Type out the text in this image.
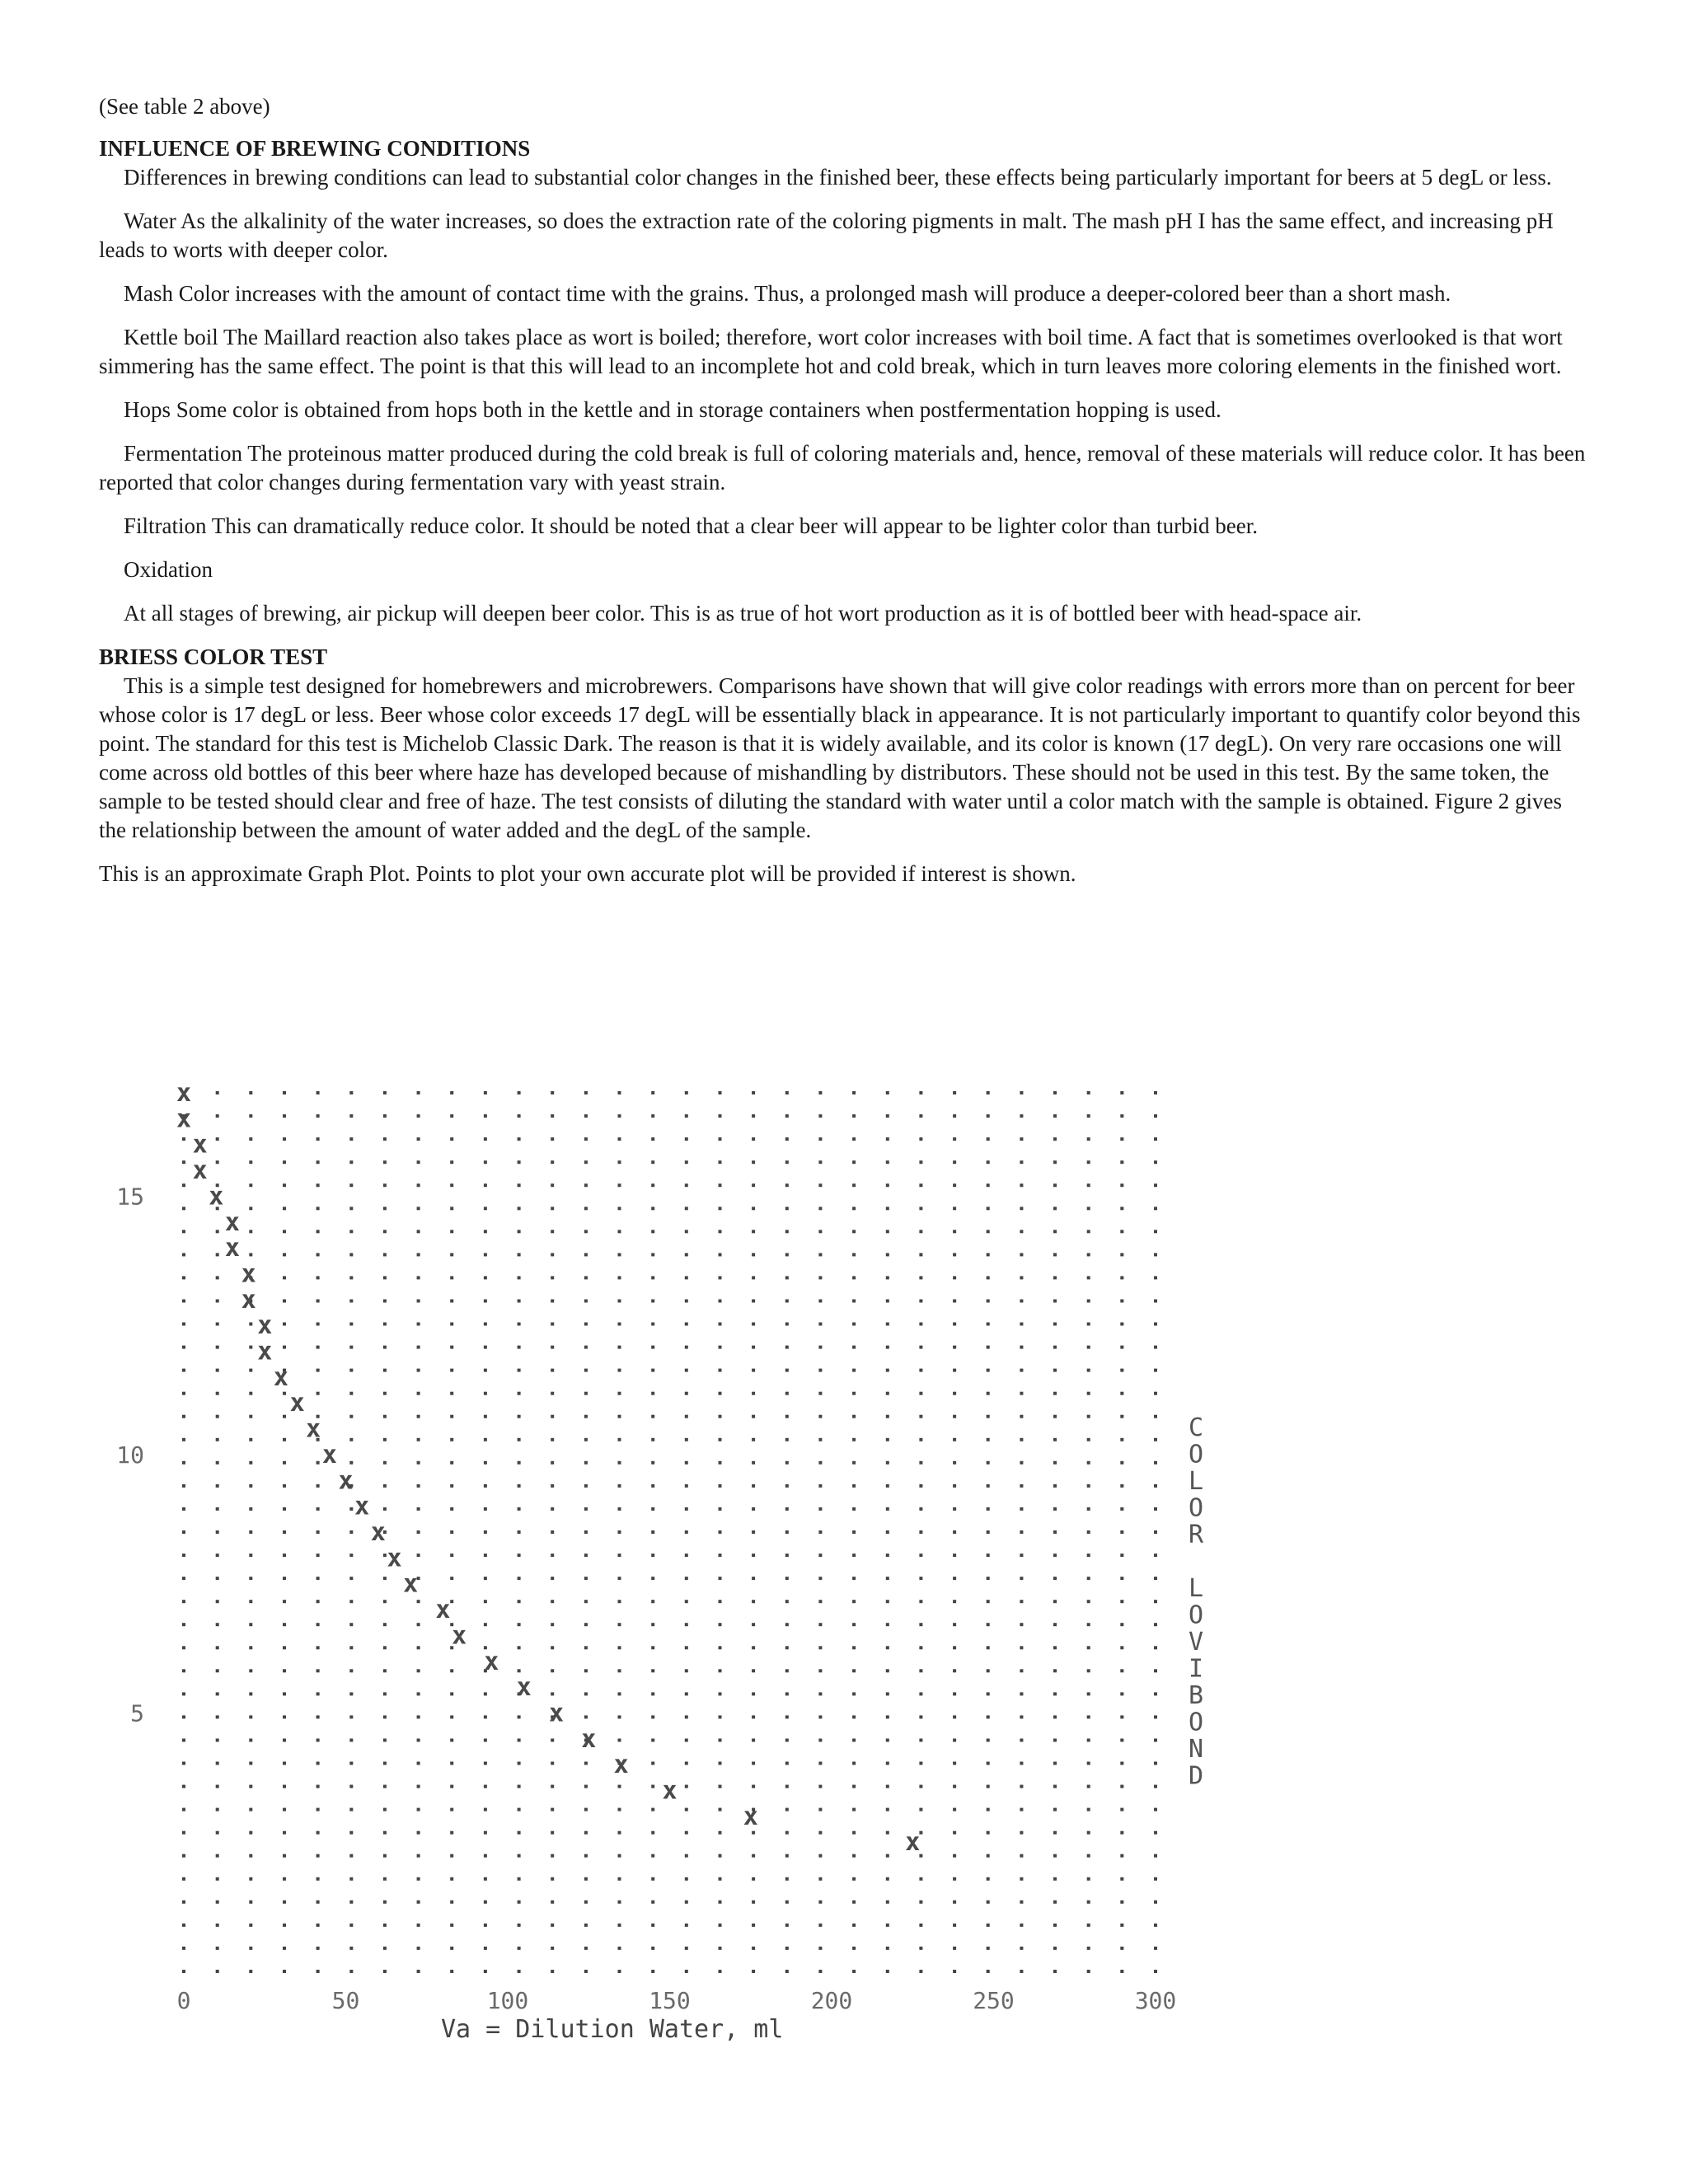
(See table 2 above)

INFLUENCE OF BREWING CONDITIONS

Differences in brewing conditions can lead to substantial color changes in the finished beer, these effects being particularly important for beers at 5 degL or less.

Water As the alkalinity of the water increases, so does the extraction rate of the coloring pigments in malt. The mash pH I has the same effect, and increasing pH leads to worts with deeper color.

Mash Color increases with the amount of contact time with the grains. Thus, a prolonged mash will produce a deeper-colored beer than a short mash.

Kettle boil The Maillard reaction also takes place as wort is boiled; therefore, wort color increases with boil time. A fact that is sometimes overlooked is that wort simmering has the same effect. The point is that this will lead to an incomplete hot and cold break, which in turn leaves more coloring elements in the finished wort.

Hops Some color is obtained from hops both in the kettle and in storage containers when postfermentation hopping is used.

Fermentation The proteinous matter produced during the cold break is full of coloring materials and, hence, removal of these materials will reduce color. It has been reported that color changes during fermentation vary with yeast strain.

Filtration This can dramatically reduce color. It should be noted that a clear beer will appear to be lighter color than turbid beer.

Oxidation

At all stages of brewing, air pickup will deepen beer color. This is as true of hot wort production as it is of bottled beer with head-space air.

BRIESS COLOR TEST

This is a simple test designed for homebrewers and microbrewers. Comparisons have shown that will give color readings with errors more than on percent for beer whose color is 17 degL or less. Beer whose color exceeds 17 degL will be essentially black in appearance. It is not particularly important to quantify color beyond this point. The standard for this test is Michelob Classic Dark. The reason is that it is widely available, and its color is known (17 degL). On very rare occasions one will come across old bottles of this beer where haze has developed because of mishandling by distributors. These should not be used in this test. By the same token, the sample to be tested should clear and free of haze. The test consists of diluting the standard with water until a color match with the sample is obtained. Figure 2 gives the relationship between the amount of water added and the degL of the sample.

This is an approximate Graph Plot. Points to plot your own accurate plot will be provided if interest is shown.

x
x
x
x
x
x
x
x
x
x
x
x
x
x
x
x
x
x
x
x
x
x
x
x
x
x
x
x
x
x
15
10
5
0	50	100	150	200	250	300
Va = Dilution Water, ml
C
O
L
O
R
L
O
V
I
B
O
N
D
